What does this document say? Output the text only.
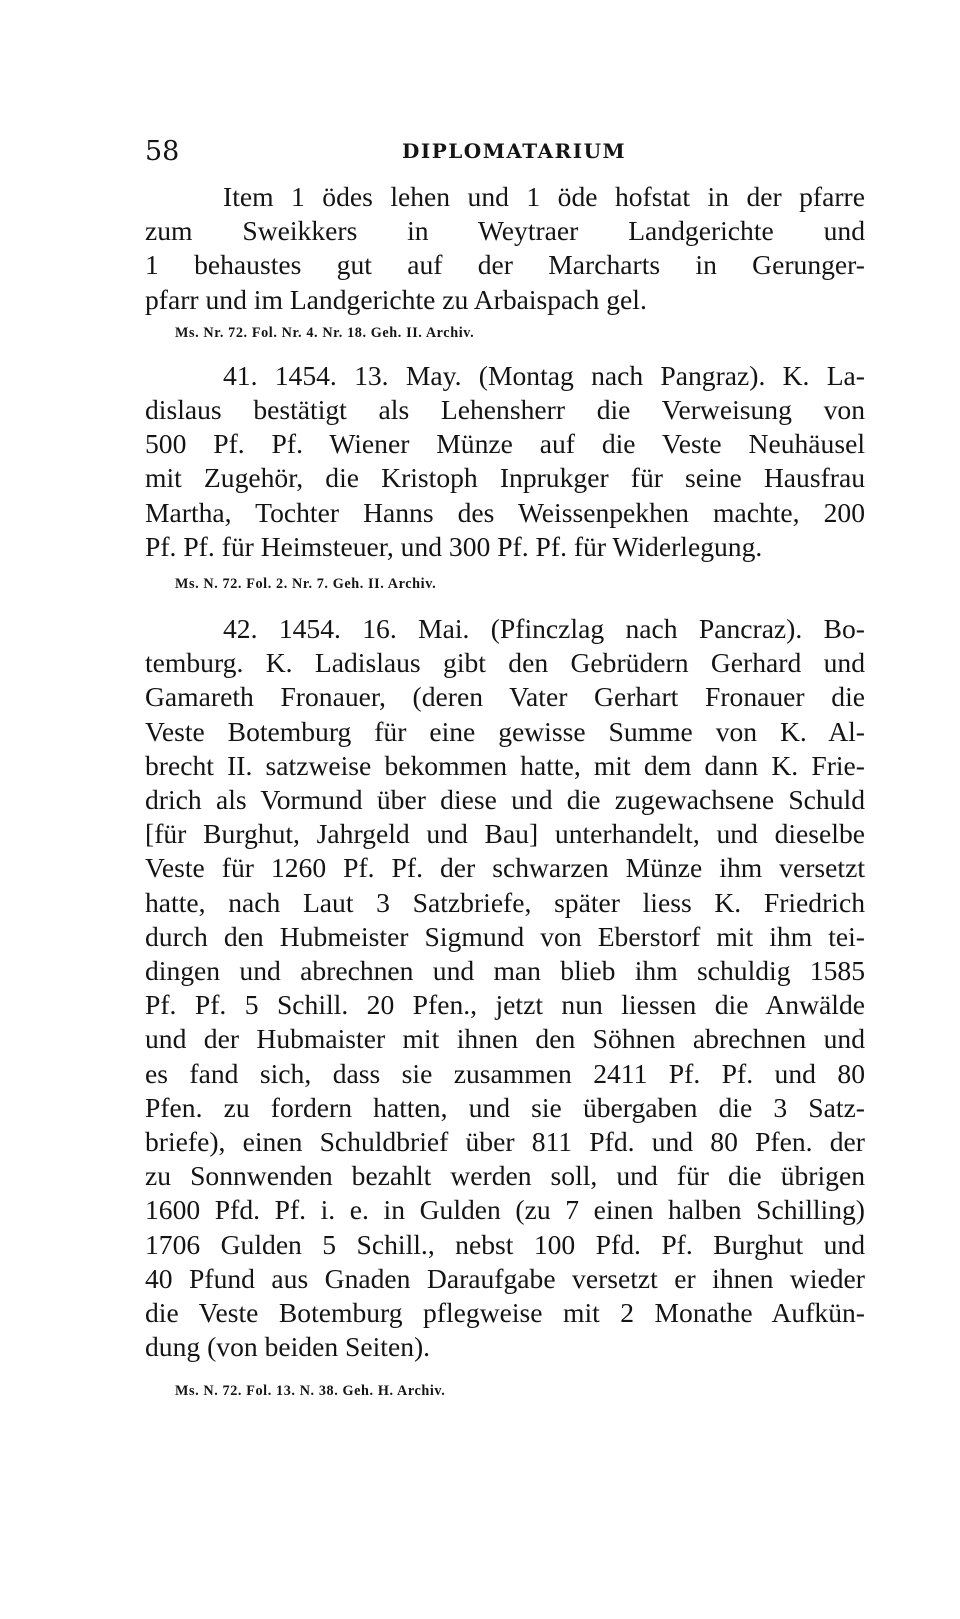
58	DIPLOMATARIUM
Item 1 ödes lehen und 1 öde hofstat in der pfarre
zum Sweikkers in Weytraer Landgerichte und
1 behaustes gut auf der Marcharts in Gerunger-
pfarr und im Landgerichte zu Arbaispach gel.

Ms. Nr. 72. Fol. Nr. 4. Nr. 18. Geh. II. Archiv.

41. 1454. 13. May. (Montag nach Pangraz). K. La-
dislaus bestätigt als Lehensherr die Verweisung von
500 Pf. Pf. Wiener Münze auf die Veste Neuhäusel
mit Zugehör, die Kristoph Inprukger für seine Hausfrau
Martha, Tochter Hanns des Weissenpekhen machte, 200
Pf. Pf. für Heimsteuer, und 300 Pf. Pf. für Widerlegung.

Ms. N. 72. Fol. 2. Nr. 7. Geh. II. Archiv.

42. 1454. 16. Mai. (Pfinczlag nach Pancraz). Bo-
temburg. K. Ladislaus gibt den Gebrüdern Gerhard und
Gamareth Fronauer, (deren Vater Gerhart Fronauer die
Veste Botemburg für eine gewisse Summe von K. Al-
brecht II. satzweise bekommen hatte, mit dem dann K. Frie-
drich als Vormund über diese und die zugewachsene Schuld
[für Burghut, Jahrgeld und Bau] unterhandelt, und dieselbe
Veste für 1260 Pf. Pf. der schwarzen Münze ihm versetzt
hatte, nach Laut 3 Satzbriefe, später liess K. Friedrich
durch den Hubmeister Sigmund von Eberstorf mit ihm tei-
dingen und abrechnen und man blieb ihm schuldig 1585
Pf. Pf. 5 Schill. 20 Pfen., jetzt nun liessen die Anwälde
und der Hubmaister mit ihnen den Söhnen abrechnen und
es fand sich, dass sie zusammen 2411 Pf. Pf. und 80
Pfen. zu fordern hatten, und sie übergaben die 3 Satz-
briefe), einen Schuldbrief über 811 Pfd. und 80 Pfen. der
zu Sonnwenden bezahlt werden soll, und für die übrigen
1600 Pfd. Pf. i. e. in Gulden (zu 7 einen halben Schilling)
1706 Gulden 5 Schill., nebst 100 Pfd. Pf. Burghut und
40 Pfund aus Gnaden Daraufgabe versetzt er ihnen wieder
die Veste Botemburg pflegweise mit 2 Monathe Aufkün-
dung (von beiden Seiten).

Ms. N. 72. Fol. 13. N. 38. Geh. H. Archiv.
